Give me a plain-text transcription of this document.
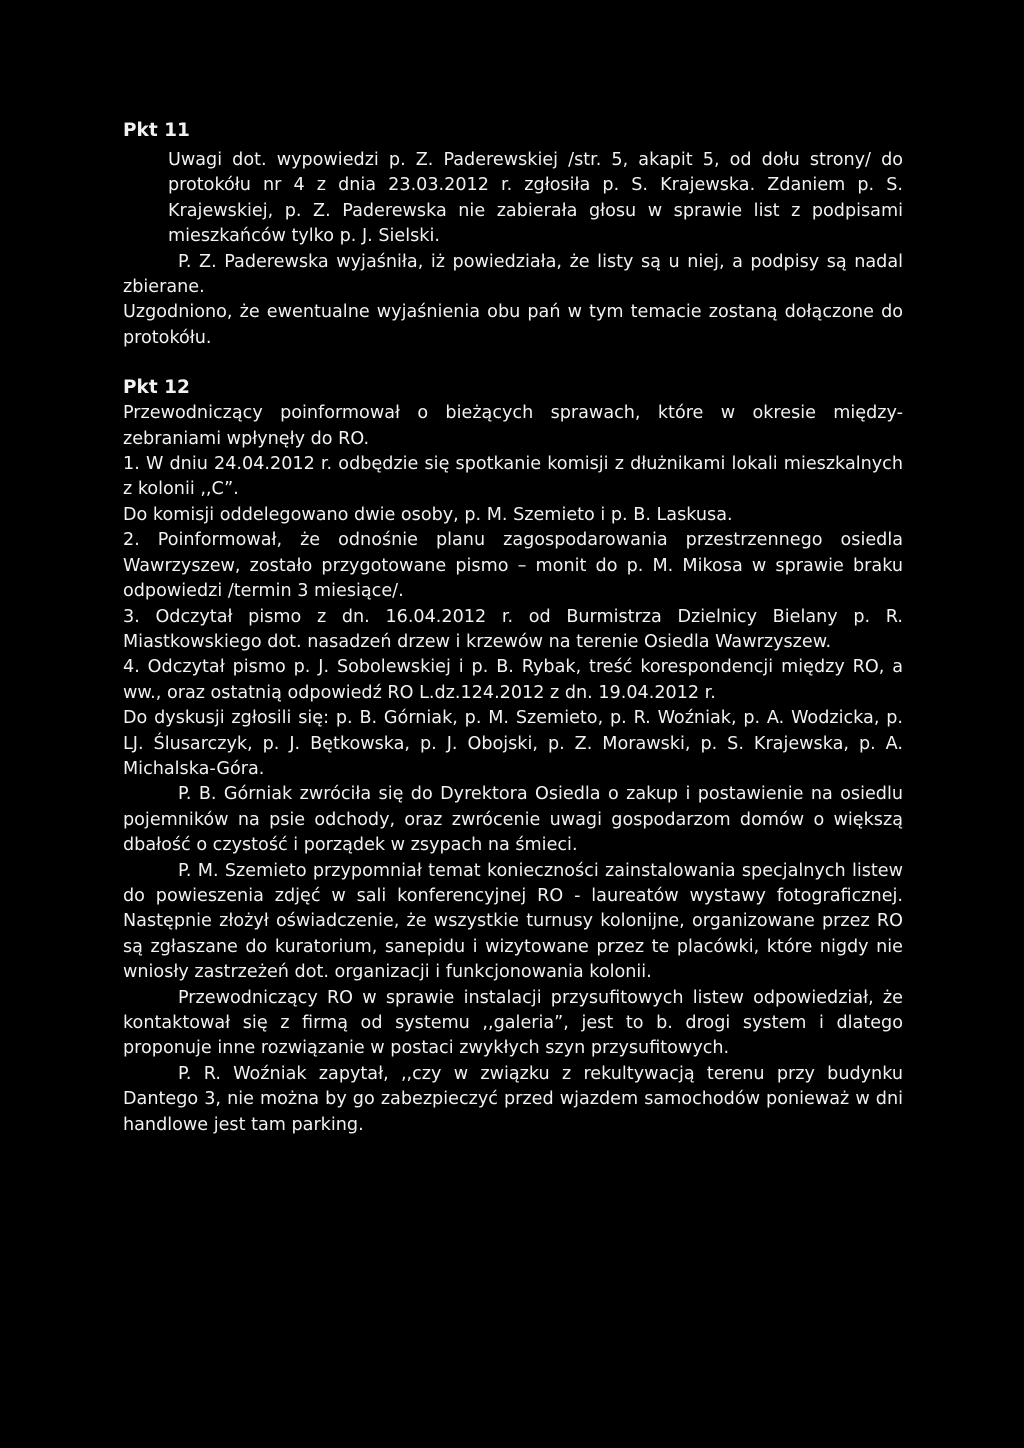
Pkt 11

Uwagi dot. wypowiedzi p. Z. Paderewskiej /str. 5, akapit 5, od dołu strony/ do protokółu nr 4 z dnia 23.03.2012 r. zgłosiła p. S. Krajewska. Zdaniem p. S. Krajewskiej, p. Z. Paderewska nie zabierała głosu w sprawie list z podpisami mieszkańców tylko p. J. Sielski.

P. Z. Paderewska wyjaśniła, iż powiedziała, że listy są u niej, a podpisy są nadal zbierane.

Uzgodniono, że ewentualne wyjaśnienia obu pań w tym temacie zostaną dołączone do protokółu.

Pkt 12

Przewodniczący poinformował o bieżących sprawach, które w okresie między-zebraniami wpłynęły do RO.

1. W dniu 24.04.2012 r. odbędzie się spotkanie komisji z dłużnikami lokali mieszkalnych z kolonii ,,C”.

Do komisji oddelegowano dwie osoby, p. M. Szemieto i p. B. Laskusa.

2. Poinformował, że odnośnie planu zagospodarowania przestrzennego osiedla Wawrzyszew, zostało przygotowane pismo – monit do p. M. Mikosa w sprawie braku odpowiedzi /termin 3 miesiące/.

3. Odczytał pismo z dn. 16.04.2012 r. od Burmistrza Dzielnicy Bielany p. R. Miastkowskiego dot. nasadzeń drzew i krzewów na terenie Osiedla Wawrzyszew.

4. Odczytał pismo p. J. Sobolewskiej i p. B. Rybak, treść korespondencji między RO, a ww., oraz ostatnią odpowiedź RO L.dz.124.2012 z dn. 19.04.2012 r.

Do dyskusji zgłosili się: p. B. Górniak, p. M. Szemieto, p. R. Woźniak, p. A. Wodzicka, p. LJ. Ślusarczyk, p. J. Bętkowska, p. J. Obojski, p. Z. Morawski, p. S. Krajewska, p. A. Michalska-Góra.

P. B. Górniak zwróciła się do Dyrektora Osiedla o zakup i postawienie na osiedlu pojemników na psie odchody, oraz zwrócenie uwagi gospodarzom domów o większą dbałość o czystość i porządek w zsypach na śmieci.

P. M. Szemieto przypomniał temat konieczności zainstalowania specjalnych listew do powieszenia zdjęć w sali konferencyjnej RO - laureatów wystawy fotograficznej. Następnie złożył oświadczenie, że wszystkie turnusy kolonijne, organizowane przez RO są zgłaszane do kuratorium, sanepidu i wizytowane przez te placówki, które nigdy nie wniosły zastrzeżeń dot. organizacji i funkcjonowania kolonii.

Przewodniczący RO w sprawie instalacji przysufitowych listew odpowiedział, że kontaktował się z firmą od systemu ,,galeria”, jest to b. drogi system i dlatego proponuje inne rozwiązanie w postaci zwykłych szyn przysufitowych.

P. R. Woźniak zapytał, ,,czy w związku z rekultywacją terenu przy budynku Dantego 3, nie można by go zabezpieczyć przed wjazdem samochodów ponieważ w dni handlowe jest tam parking.
